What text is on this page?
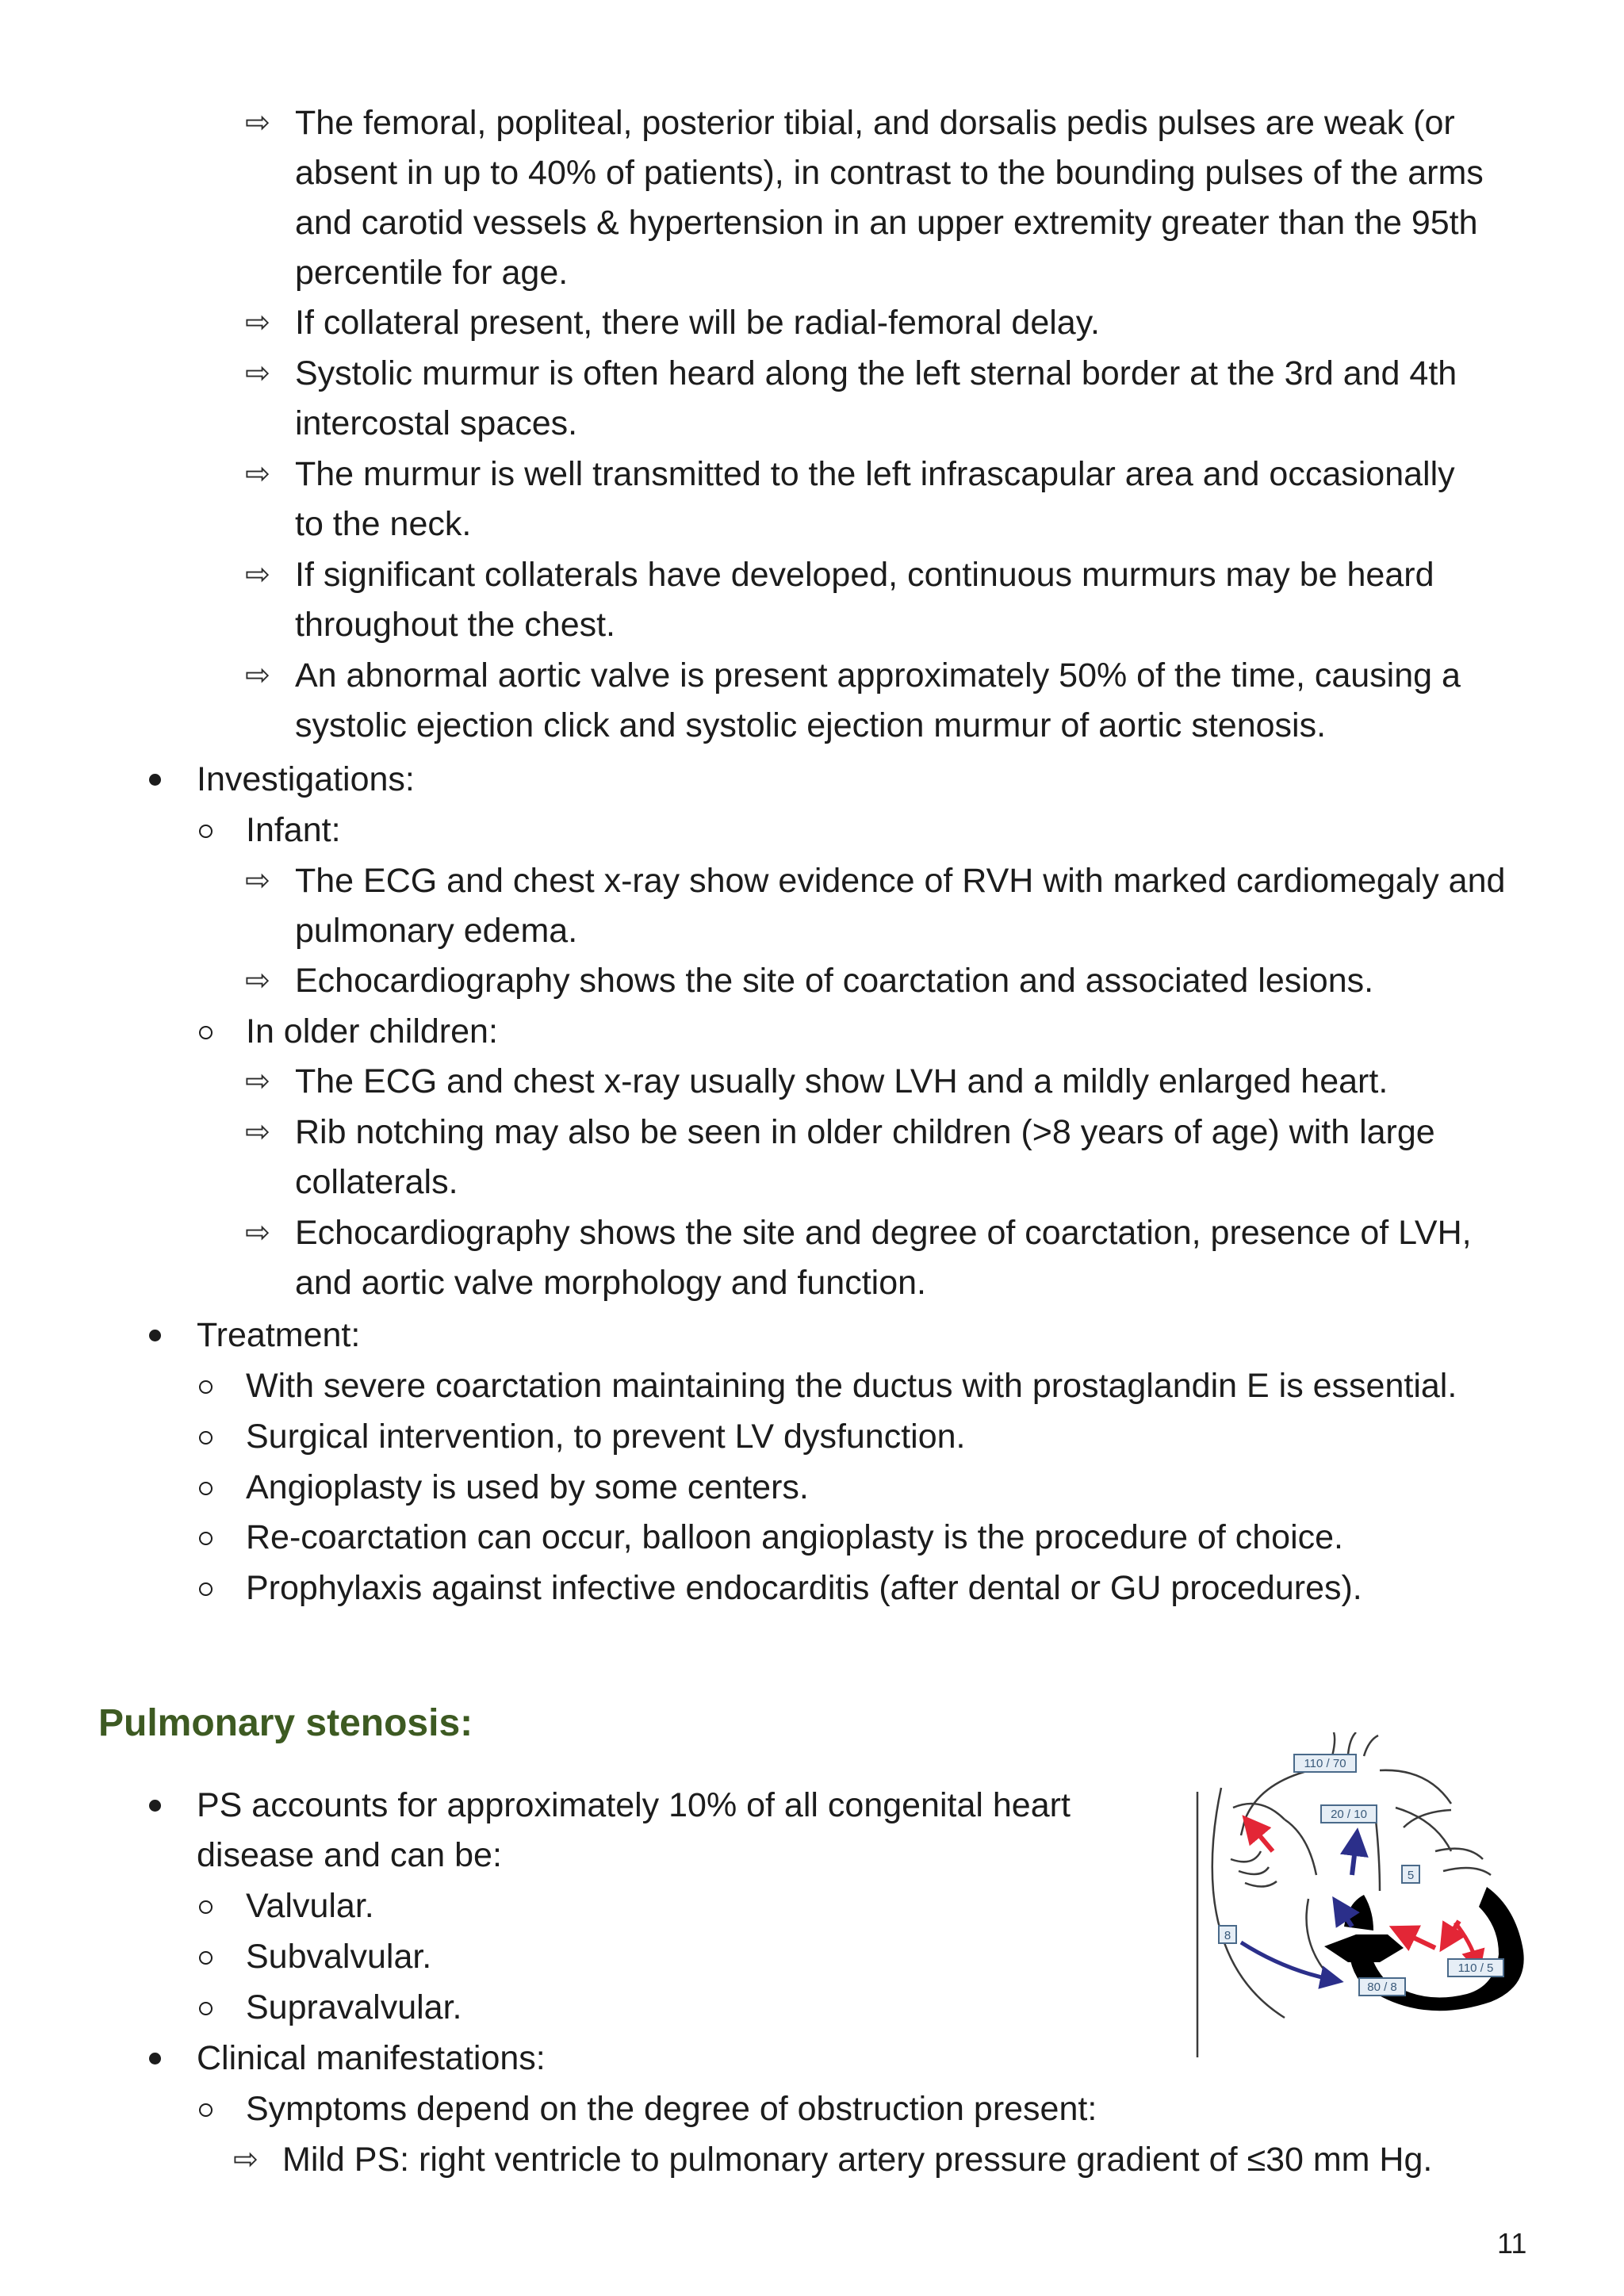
⇨ The femoral, popliteal, posterior tibial, and dorsalis pedis pulses are weak (or
absent in up to 40% of patients), in contrast to the bounding pulses of the arms
and carotid vessels & hypertension in an upper extremity greater than the 95th
percentile for age.
⇨ If collateral present, there will be radial-femoral delay.
⇨ Systolic murmur is often heard along the left sternal border at the 3rd and 4th
intercostal spaces.
⇨ The murmur is well transmitted to the left infrascapular area and occasionally
to the neck.
⇨ If significant collaterals have developed, continuous murmurs may be heard
throughout the chest.
⇨ An abnormal aortic valve is present approximately 50% of the time, causing a
systolic ejection click and systolic ejection murmur of aortic stenosis.
Investigations:
Infant:
⇨ The ECG and chest x-ray show evidence of RVH with marked cardiomegaly and
pulmonary edema.
⇨ Echocardiography shows the site of coarctation and associated lesions.
In older children:
⇨ The ECG and chest x-ray usually show LVH and a mildly enlarged heart.
⇨ Rib notching may also be seen in older children (>8 years of age) with large
collaterals.
⇨ Echocardiography shows the site and degree of coarctation, presence of LVH,
and aortic valve morphology and function.
Treatment:
With severe coarctation maintaining the ductus with prostaglandin E is essential.
Surgical intervention, to prevent LV dysfunction.
Angioplasty is used by some centers.
Re-coarctation can occur, balloon angioplasty is the procedure of choice.
Prophylaxis against infective endocarditis (after dental or GU procedures).
Pulmonary stenosis:
PS accounts for approximately 10% of all congenital heart
disease and can be:
Valvular.
Subvalvular.
Supravalvular.
Clinical manifestations:
Symptoms depend on the degree of obstruction present:
⇨ Mild PS: right ventricle to pulmonary artery pressure gradient of ≤30 mm Hg.
110 / 70
20 / 10
5
8
110 / 5
80 / 8
11
